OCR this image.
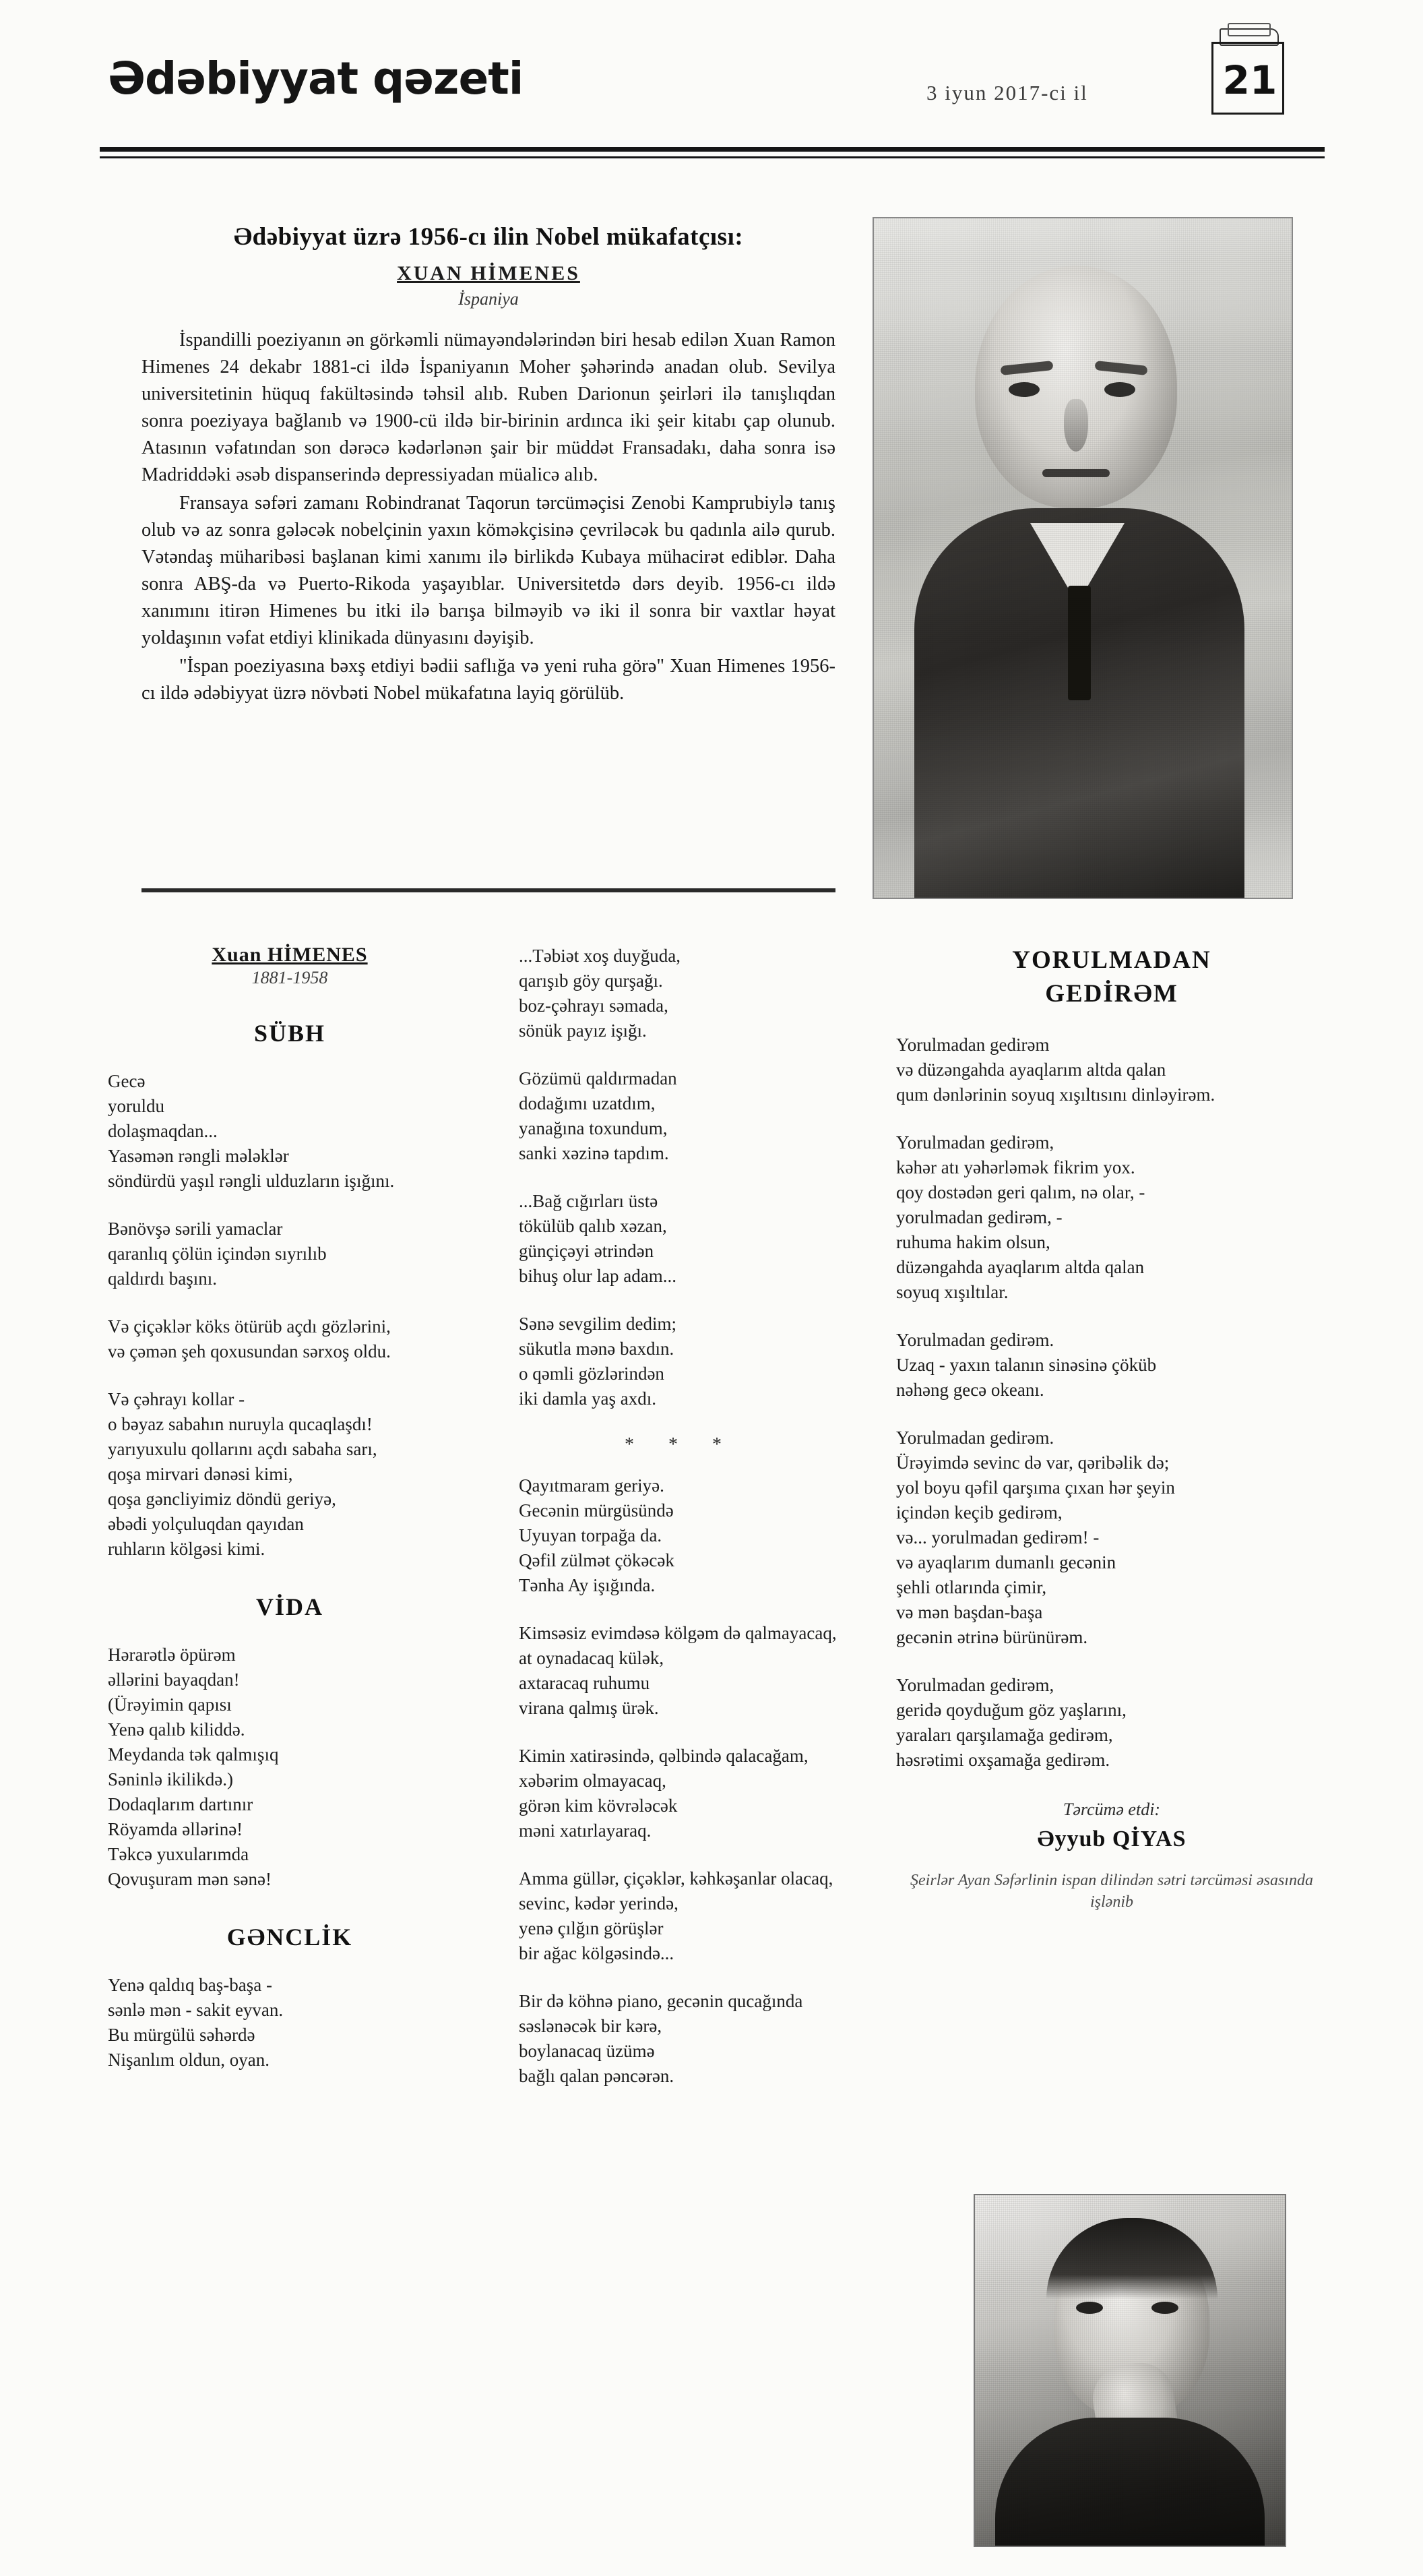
Ədəbiyyat qəzeti	3 iyun 2017-ci il	21
Ədəbiyyat üzrə 1956-cı ilin Nobel mükafatçısı:
XUAN HİMENES
İspaniya

İspandilli poeziyanın ən görkəmli nümayəndələrindən biri hesab edilən Xuan Ramon Himenes 24 dekabr 1881-ci ildə İspaniyanın Moher şəhərində anadan olub. Sevilya universitetinin hüquq fakültəsində təhsil alıb. Ruben Darionun şeirləri ilə tanışlıqdan sonra poeziyaya bağlanıb və 1900-cü ildə bir-birinin ardınca iki şeir kitabı çap olunub. Atasının vəfatından son dərəcə kədərlənən şair bir müddət Fransadakı, daha sonra isə Madriddəki əsəb dispanserində depressiyadan müalicə alıb.

Fransaya səfəri zamanı Robindranat Taqorun tərcüməçisi Zenobi Kamprubiylə tanış olub və az sonra gələcək nobelçinin yaxın köməkçisinə çevriləcək bu qadınla ailə qurub. Vətəndaş müharibəsi başlanan kimi xanımı ilə birlikdə Kubaya mühacirət ediblər. Daha sonra ABŞ-da və Puerto-Rikoda yaşayıblar. Universitetdə dərs deyib. 1956-cı ildə xanımını itirən Himenes bu itki ilə barışa bilməyib və iki il sonra bir vaxtlar həyat yoldaşının vəfat etdiyi klinikada dünyasını dəyişib.

"İspan poeziyasına bəxş etdiyi bədii saflığa və yeni ruha görə" Xuan Himenes 1956-cı ildə ədəbiyyat üzrə növbəti Nobel mükafatına layiq görülüb.

Xuan HİMENES
1881-1958
SÜBH
Gecə
yoruldu
dolaşmaqdan...
Yasəmən rəngli mələklər
söndürdü yaşıl rəngli ulduzların işığını.
Bənövşə sərili yamaclar
qaranlıq çölün içindən sıyrılıb
qaldırdı başını.
Və çiçəklər köks ötürüb açdı gözlərini,
və çəmən şeh qoxusundan sərxoş oldu.
Və çəhrayı kollar -
o bəyaz sabahın nuruyla qucaqlaşdı!
yarıyuxulu qollarını açdı sabaha sarı,
qoşa mirvari dənəsi kimi,
qoşa gəncliyimiz döndü geriyə,
əbədi yolçuluqdan qayıdan
ruhların kölgəsi kimi.
VİDA
Hərarətlə öpürəm
əllərini bayaqdan!
(Ürəyimin qapısı
Yenə qalıb kiliddə.
Meydanda tək qalmışıq
Səninlə ikilikdə.)
Dodaqlarım dartınır
Röyamda əllərinə!
Təkcə yuxularımda
Qovuşuram mən sənə!
GƏNCLİK
Yenə qaldıq baş-başa -
sənlə mən - sakit eyvan.
Bu mürgülü səhərdə
Nişanlım oldun, oyan.
...Təbiət xoş duyğuda,
qarışıb göy qurşağı.
boz-çəhrayı səmada,
sönük payız işığı.
Gözümü qaldırmadan
dodağımı uzatdım,
yanağına toxundum,
sanki xəzinə tapdım.
...Bağ cığırları üstə
tökülüb qalıb xəzan,
günçiçəyi ətrindən
bihuş olur lap adam...
Sənə sevgilim dedim;
sükutla mənə baxdın.
o qəmli gözlərindən
iki damla yaş axdı.
* * *
Qayıtmaram geriyə.
Gecənin mürgüsündə
Uyuyan torpağa da.
Qəfil zülmət çökəcək
Tənha Ay işığında.
Kimsəsiz evimdəsə kölgəm də qalmayacaq,
at oynadacaq külək,
axtaracaq ruhumu
virana qalmış ürək.
Kimin xatirəsində, qəlbində qalacağam,
xəbərim olmayacaq,
görən kim kövrələcək
məni xatırlayaraq.
Amma güllər, çiçəklər, kəhkəşanlar olacaq,
sevinc, kədər yerində,
yenə çılğın görüşlər
bir ağac kölgəsində...
Bir də köhnə piano, gecənin qucağında
səslənəcək bir kərə,
boylanacaq üzümə
bağlı qalan pəncərən.
YORULMADAN
GEDİRƏM
Yorulmadan gedirəm
və düzəngahda ayaqlarım altda qalan
qum dənlərinin soyuq xışıltısını dinləyirəm.
Yorulmadan gedirəm,
kəhər atı yəhərləmək fikrim yox.
qoy dostədən geri qalım, nə olar, -
yorulmadan gedirəm, -
ruhuma hakim olsun,
düzəngahda ayaqlarım altda qalan
soyuq xışıltılar.
Yorulmadan gedirəm.
Uzaq - yaxın talanın sinəsinə çöküb
nəhəng gecə okeanı.
Yorulmadan gedirəm.
Ürəyimdə sevinc də var, qəribəlik də;
yol boyu qəfil qarşıma çıxan hər şeyin
içindən keçib gedirəm,
və... yorulmadan gedirəm! -
və ayaqlarım dumanlı gecənin
şehli otlarında çimir,
və mən başdan-başa
gecənin ətrinə bürünürəm.
Yorulmadan gedirəm,
geridə qoyduğum göz yaşlarını,
yaraları qarşılamağa gedirəm,
həsrətimi oxşamağa gedirəm.
Tərcümə etdi:
Əyyub QİYAS
Şeirlər Ayan Səfərlinin ispan dilindən sətri tərcüməsi əsasında işlənib
